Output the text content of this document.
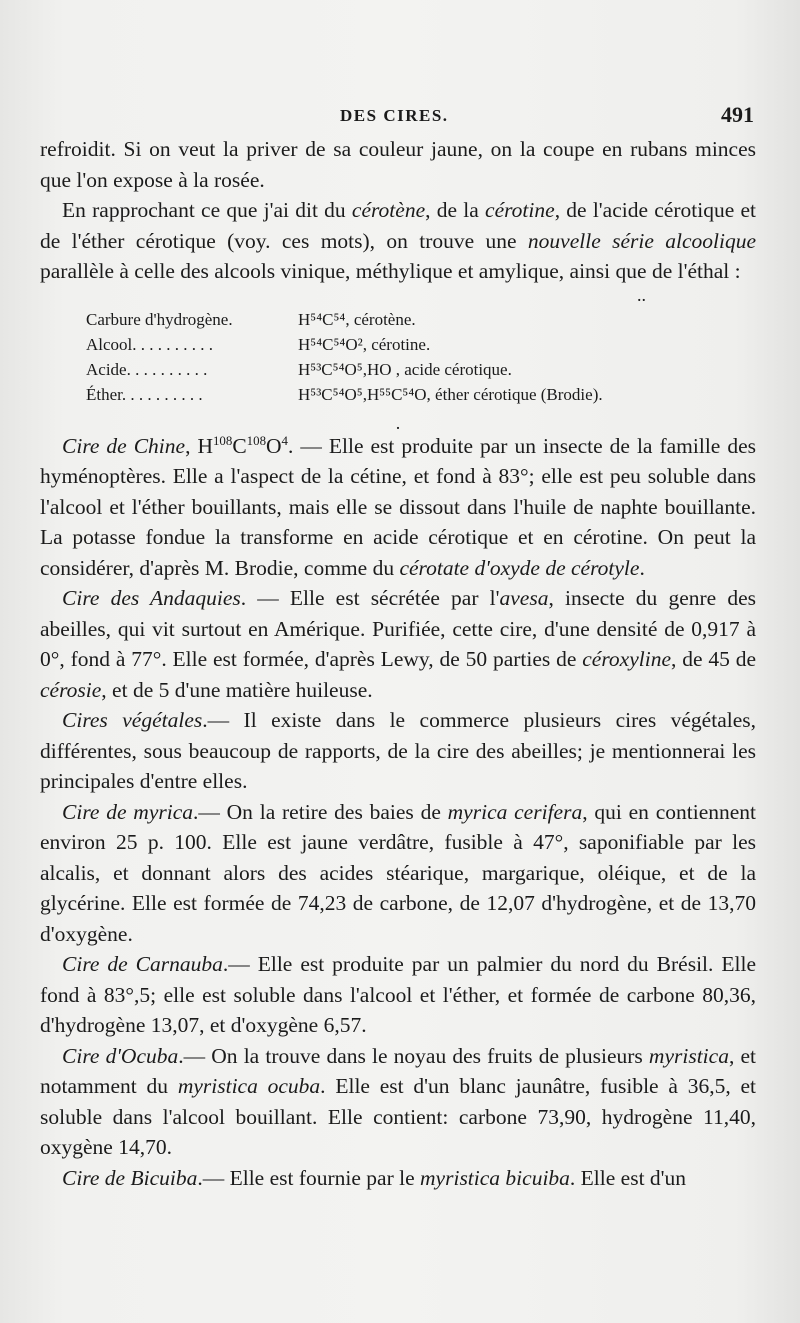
DES CIRES.	491

refroidit. Si on veut la priver de sa couleur jaune, on la coupe en rubans minces que l'on expose à la rosée.

En rapprochant ce que j'ai dit du cérotène, de la cérotine, de l'acide cérotique et de l'éther cérotique (voy. ces mots), on trouve une nouvelle série alcoolique parallèle à celle des alcools vinique, méthylique et amylique, ainsi que de l'éthal :

..
Carbure d'hydrogène.	H⁵⁴C⁵⁴, cérotène.
Alcool. . . . . . . . . .	H⁵⁴C⁵⁴O², cérotine.
Acide. . . . . . . . . .	H⁵³C⁵⁴O⁵,HO , acide cérotique.
Éther. . . . . . . . . .	H⁵³C⁵⁴O⁵,H⁵⁵C⁵⁴O, éther cérotique (Brodie).
.

Cire de Chine, $H^{108}C^{108}O^4$. — Elle est produite par un insecte de la famille des hyménoptères. Elle a l'aspect de la cétine, et fond à 83°; elle est peu soluble dans l'alcool et l'éther bouillants, mais elle se dissout dans l'huile de naphte bouillante. La potasse fondue la transforme en acide cérotique et en cérotine. On peut la considérer, d'après M. Brodie, comme du cérotate d'oxyde de cérotyle.

Cire des Andaquies. — Elle est sécrétée par l'avesa, insecte du genre des abeilles, qui vit surtout en Amérique. Purifiée, cette cire, d'une densité de 0,917 à 0°, fond à 77°. Elle est formée, d'après Lewy, de 50 parties de céroxyline, de 45 de cérosie, et de 5 d'une matière huileuse.

Cires végétales.— Il existe dans le commerce plusieurs cires végétales, différentes, sous beaucoup de rapports, de la cire des abeilles; je mentionnerai les principales d'entre elles.

Cire de myrica.— On la retire des baies de myrica cerifera, qui en contiennent environ 25 p. 100. Elle est jaune verdâtre, fusible à 47°, saponifiable par les alcalis, et donnant alors des acides stéarique, margarique, oléique, et de la glycérine. Elle est formée de 74,23 de carbone, de 12,07 d'hydrogène, et de 13,70 d'oxygène.

Cire de Carnauba.— Elle est produite par un palmier du nord du Brésil. Elle fond à 83°,5; elle est soluble dans l'alcool et l'éther, et formée de carbone 80,36, d'hydrogène 13,07, et d'oxygène 6,57.

Cire d'Ocuba.— On la trouve dans le noyau des fruits de plusieurs myristica, et notamment du myristica ocuba. Elle est d'un blanc jaunâtre, fusible à 36,5, et soluble dans l'alcool bouillant. Elle contient: carbone 73,90, hydrogène 11,40, oxygène 14,70.

Cire de Bicuiba.— Elle est fournie par le myristica bicuiba. Elle est d'un
